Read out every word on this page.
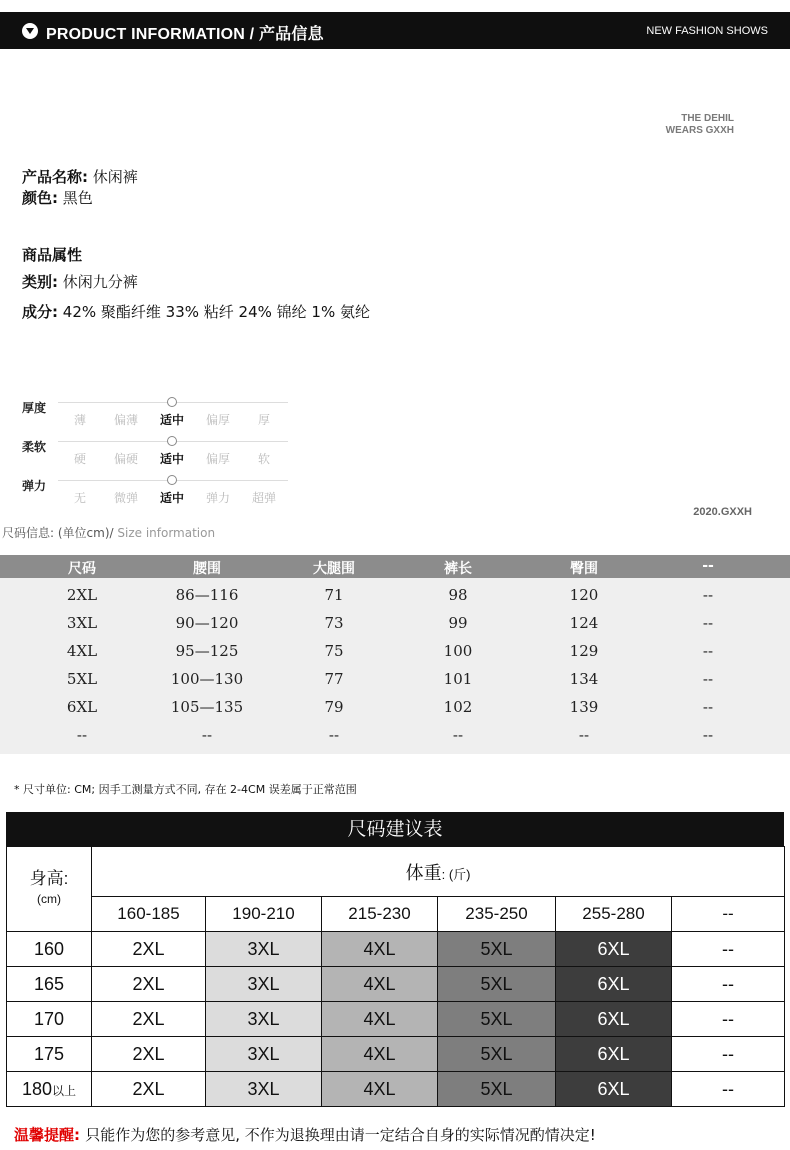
PRODUCT INFORMATION / 产品信息	NEW FASHION SHOWS
THE DEHIL
WEARS GXXH
产品名称: 休闲裤
颜色: 黑色
商品属性
类别: 休闲九分裤
成分: 42% 聚酯纤维 33% 粘纤 24% 锦纶 1% 氨纶
厚度
薄	偏薄	适中	偏厚	厚
柔软
硬	偏硬	适中	偏厚	软
弹力
无	微弹	适中	弹力	超弹
2020.GXXH
尺码信息: (单位cm)/ Size information
尺码	腰围	大腿围	裤长	臀围	--
2XL	86—116	71	98	120	--
3XL	90—120	73	99	124	--
4XL	95—125	75	100	129	--
5XL	100—130	77	101	134	--
6XL	105—135	79	102	139	--
--	--	--	--	--	--
* 尺寸单位: CM; 因手工测量方式不同, 存在 2-4CM 误差属于正常范围
尺码建议表
身高:
(cm)	体重: (斤)					
	160-185	190-210	215-230	235-250	255-280	--
160	2XL	3XL	4XL	5XL	6XL	--
165	2XL	3XL	4XL	5XL	6XL	--
170	2XL	3XL	4XL	5XL	6XL	--
175	2XL	3XL	4XL	5XL	6XL	--
180以上	2XL	3XL	4XL	5XL	6XL	--
温馨提醒: 只能作为您的参考意见, 不作为退换理由请一定结合自身的实际情况酌情决定!
